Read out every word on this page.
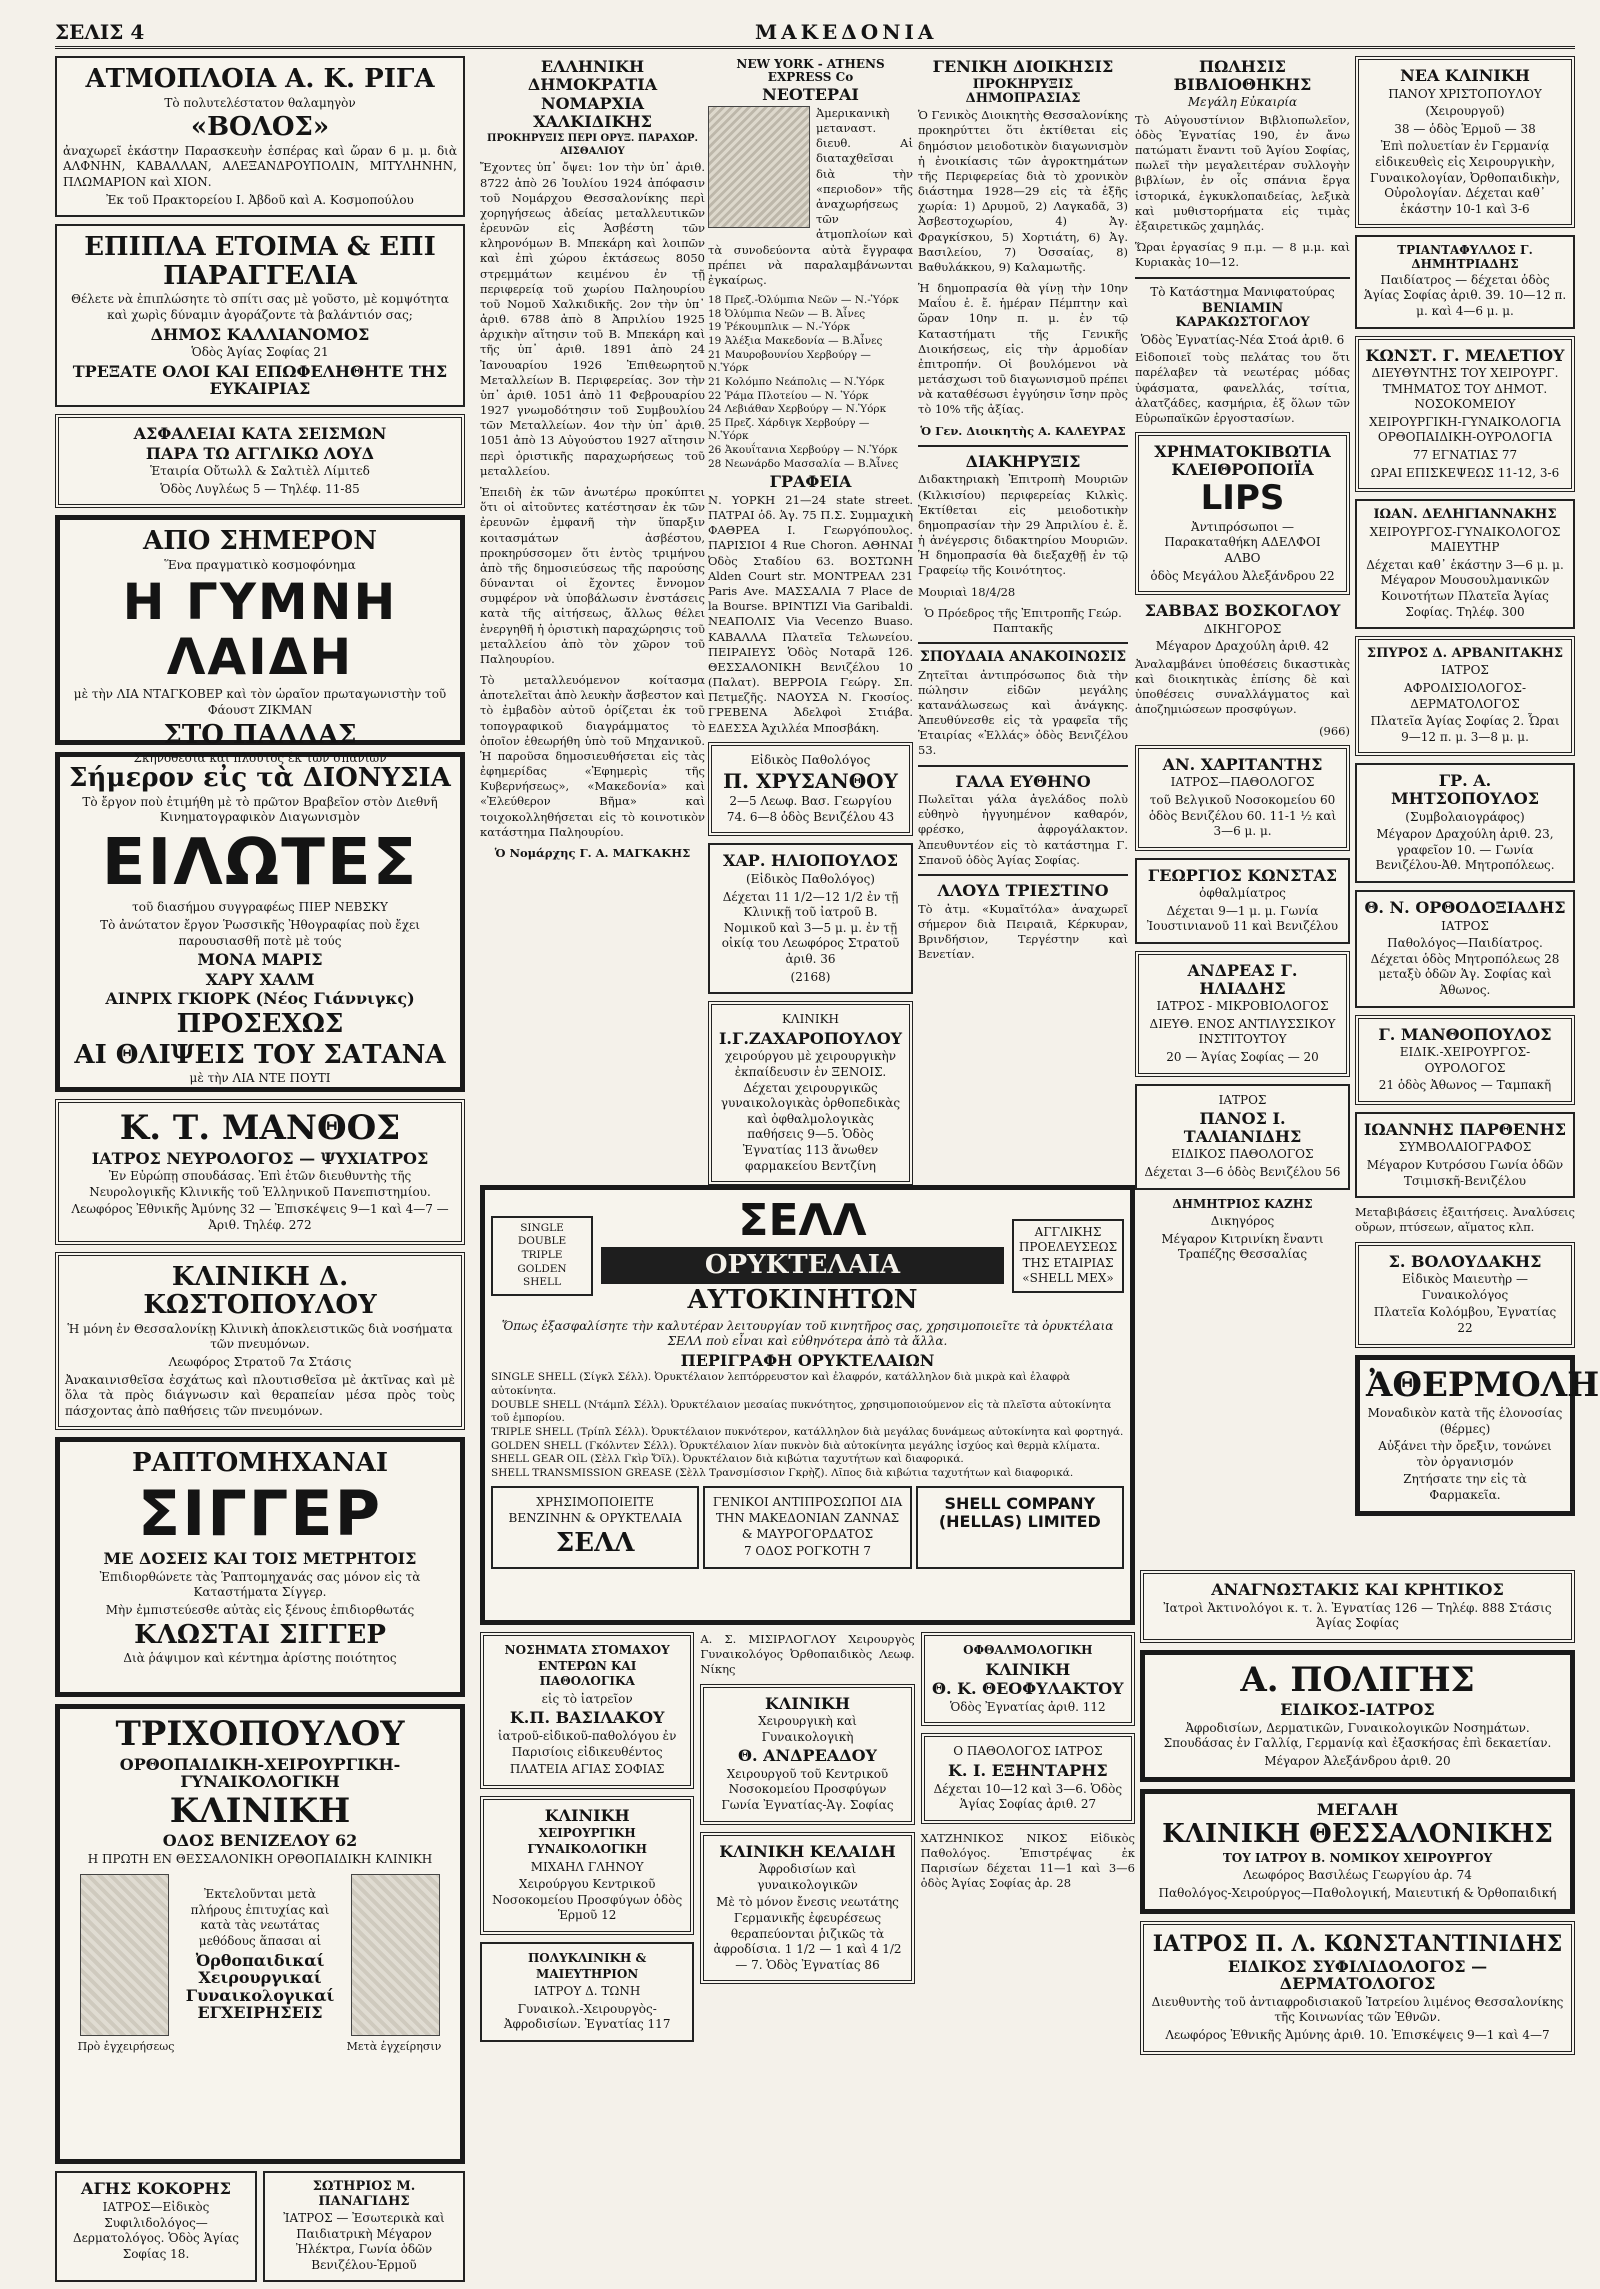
ΣΕΛΙΣ 4	ΜΑΚΕΔΟΝΙΑ
ΑΤΜΟΠΛΟΙΑ Α. Κ. ΡΙΓΑ
Τὸ πολυτελέστατον θαλαμηγὸν
«ΒΟΛΟΣ»
ἀναχωρεῖ ἑκάστην Παρασκευὴν ἑσπέρας καὶ ὥραν 6 μ. μ. διὰ ΑΛΦΝΗΝ, ΚΑΒΑΛΛΑΝ, ΑΛΕΞΑΝΔΡΟΥΠΟΛΙΝ, ΜΙΤΥΛΗΝΗΝ, ΠΛΩΜΑΡΙΟΝ καὶ ΧΙΟΝ.
Ἐκ τοῦ Πρακτορείου Ι. Ἀβδοῦ καὶ Α. Κοσμοπούλου
ΕΠΙΠΛΑ ΕΤΟΙΜΑ & ΕΠΙ ΠΑΡΑΓΓΕΛΙΑ
Θέλετε νὰ ἐπιπλώσητε τὸ σπίτι σας μὲ γοῦστο, μὲ κομψότητα καὶ χωρὶς δύναμιν ἀγοράζοντε τὰ βαλάντιόν σας;
ΔΗΜΟΣ ΚΑΛΛΙΑΝΟΜΟΣ
Ὁδὸς Ἁγίας Σοφίας 21
ΤΡΕΞΑΤΕ ΟΛΟΙ ΚΑΙ ΕΠΩΦΕΛΗΘΗΤΕ ΤΗΣ ΕΥΚΑΙΡΙΑΣ
ΑΣΦΑΛΕΙΑΙ ΚΑΤΑ ΣΕΙΣΜΩΝ
ΠΑΡΑ ΤΩ ΑΓΓΛΙΚΩ ΛΟΥΔ
Ἑταιρία Οὔτωλλ & Σαλτιὲλ Λίμιτεδ
Ὁδὸς Λυγλέως 5 — Τηλέφ. 11-85
ΑΠΟ ΣΗΜΕΡΟΝ
Ἕνα πραγματικὸ κοσμοφόνημα
Η ΓΥΜΝΗ ΛΑΙΔΗ
μὲ τὴν ΛΙΑ ΝΤΑΓΚΟΒΕΡ καὶ τὸν ὡραῖον πρωταγωνιστὴν τοῦ Φάουστ ΖΙΚΜΑΝ
ΣΤΟ ΠΑΛΛΑΣ
Σκηνοθεσία καὶ πλοῦτος ἐκ τῶν σπανίων
Σήμερον εἰς τὰ ΔΙΟΝΥΣΙΑ
Τὸ ἔργον ποὺ ἐτιμήθη μὲ τὸ πρῶτον Βραβεῖον στὸν Διεθνῆ Κινηματογραφικὸν Διαγωνισμὸν
ΕΙΛΩΤΕΣ
τοῦ διασήμου συγγραφέως ΠΙΕΡ ΝΕΒΣΚΥ
Τὸ ἀνώτατον ἔργον Ῥωσσικῆς Ἠθογραφίας ποὺ ἔχει παρουσιασθῆ ποτὲ μὲ τούς
ΜΟΝΑ ΜΑΡΙΣ
ΧΑΡΥ ΧΑΛΜ
ΑΙΝΡΙΧ ΓΚΙΟΡΚ (Νέος Γιάννιγκς)
ΠΡΟΣΕΧΩΣ
ΑΙ ΘΛΙΨΕΙΣ ΤΟΥ ΣΑΤΑΝΑ
μὲ τὴν ΛΙΑ ΝΤΕ ΠΟΥΤΙ
Κ. Τ. ΜΑΝΘΟΣ
ΙΑΤΡΟΣ ΝΕΥΡΟΛΟΓΟΣ — ΨΥΧΙΑΤΡΟΣ
Ἐν Εὐρώπῃ σπουδάσας. Ἐπὶ ἑτῶν διευθυντὴς τῆς Νευρολογικῆς Κλινικῆς τοῦ Ἑλληνικοῦ Πανεπιστημίου.
Λεωφόρος Ἐθνικῆς Ἀμύνης 32 — Ἐπισκέψεις 9—1 καὶ 4—7 — Ἀριθ. Τηλέφ. 272
ΚΛΙΝΙΚΗ Δ. ΚΩΣΤΟΠΟΥΛΟΥ
Ἡ μόνη ἐν Θεσσαλονίκῃ Κλινικὴ ἀποκλειστικῶς διὰ νοσήματα τῶν πνευμόνων.
Λεωφόρος Στρατοῦ 7α Στάσις
Ἀνακαινισθεῖσα ἐσχάτως καὶ πλουτισθεῖσα μὲ ἀκτῖνας καὶ μὲ ὅλα τὰ πρὸς διάγνωσιν καὶ θεραπείαν μέσα πρὸς τοὺς πάσχοντας ἀπὸ παθήσεις τῶν πνευμόνων.
ΡΑΠΤΟΜΗΧΑΝΑΙ
ΣΙΓΓΕΡ
ΜΕ ΔΟΣΕΙΣ ΚΑΙ ΤΟΙΣ ΜΕΤΡΗΤΟΙΣ
Ἐπιδιορθώνετε τὰς Ῥαπτομηχανάς σας μόνον εἰς τὰ Καταστήματα Σίγγερ.
Μὴν ἐμπιστεύεσθε αὐτὰς εἰς ξένους ἐπιδιορθωτάς
ΚΛΩΣΤΑΙ ΣΙΓΓΕΡ
Διὰ ῥάψιμον καὶ κέντημα ἀρίστης ποιότητος
ΤΡΙΧΟΠΟΥΛΟΥ
ΟΡΘΟΠΑΙΔΙΚΗ-ΧΕΙΡΟΥΡΓΙΚΗ-ΓΥΝΑΙΚΟΛΟΓΙΚΗ
ΚΛΙΝΙΚΗ
ΟΔΟΣ ΒΕΝΙΖΕΛΟΥ 62
Η ΠΡΩΤΗ ΕΝ ΘΕΣΣΑΛΟΝΙΚΗ ΟΡΘΟΠΑΙΔΙΚΗ ΚΛΙΝΙΚΗ
Ἐκτελοῦνται μετὰ πλήρους ἐπιτυχίας καὶ κατὰ τὰς νεωτάτας μεθόδους ἅπασαι αἱ
Ὀρθοπαιδικαί Χειρουργικαί Γυναικολογικαί ΕΓΧΕΙΡΗΣΕΙΣ
Πρὸ ἐγχειρήσεως	Μετὰ ἐγχείρησιν
ΑΓΗΣ ΚΟΚΟΡΗΣ
ΙΑΤΡΟΣ—Εἰδικὸς Συφιλιδολόγος—Δερματολόγος. Ὁδὸς Ἁγίας Σοφίας 18.
ΣΩΤΗΡΙΟΣ Μ. ΠΑΝΑΓΙΔΗΣ
ἸΑΤΡΟΣ — Ἐσωτερικὰ καὶ Παιδιατρικὴ Μέγαρον Ἠλέκτρα, Γωνία ὁδῶν Βενιζέλου-Ἑρμοῦ
ΕΛΛΗΝΙΚΗ ΔΗΜΟΚΡΑΤΙΑ
ΝΟΜΑΡΧΙΑ ΧΑΛΚΙΔΙΚΗΣ
ΠΡΟΚΗΡΥΞΙΣ ΠΕΡΙ ΟΡΥΞ. ΠΑΡΑΧΩΡ. ΑΙΣΘΑΛΙΟΥ

Ἔχοντες ὑπ᾽ ὄψει: 1ον τὴν ὑπ᾽ ἀριθ. 8722 ἀπὸ 26 Ἰουλίου 1924 ἀπόφασιν τοῦ Νομάρχου Θεσσαλονίκης περὶ χορηγήσεως ἀδείας μεταλλευτικῶν ἐρευνῶν εἰς Ἀσβέστη τῶν κληρονόμων Β. Μπεκάρη καὶ λοιπῶν καὶ ἐπὶ χώρου ἐκτάσεως 8050 στρεμμάτων κειμένου ἐν τῇ περιφερείᾳ τοῦ χωρίου Παληουρίου τοῦ Νομοῦ Χαλκιδικῆς. 2ον τὴν ὑπ᾽ ἀριθ. 6788 ἀπὸ 8 Ἀπριλίου 1925 ἀρχικὴν αἴτησιν τοῦ Β. Μπεκάρη καὶ τῆς ὑπ᾽ ἀριθ. 1891 ἀπὸ 24 Ἰανουαρίου 1926 Ἐπιθεωρητοῦ Μεταλλείων Β. Περιφερείας. 3ον τὴν ὑπ᾽ ἀριθ. 1051 ἀπὸ 11 Φεβρουαρίου 1927 γνωμοδότησιν τοῦ Συμβουλίου τῶν Μεταλλείων. 4ον τὴν ὑπ᾽ ἀριθ. 1051 ἀπὸ 13 Αὐγούστου 1927 αἴτησιν περὶ ὁριστικῆς παραχωρήσεως τοῦ μεταλλείου.

Ἐπειδὴ ἐκ τῶν ἀνωτέρω προκύπτει ὅτι οἱ αἰτοῦντες κατέστησαν ἐκ τῶν ἐρευνῶν ἐμφανῆ τὴν ὕπαρξιν κοιτασμάτων ἀσβέστου, προκηρύσσομεν ὅτι ἐντὸς τριμήνου ἀπὸ τῆς δημοσιεύσεως τῆς παρούσης δύνανται οἱ ἔχοντες ἔννομον συμφέρον νὰ ὑποβάλωσιν ἐνστάσεις κατὰ τῆς αἰτήσεως, ἄλλως θέλει ἐνεργηθῆ ἡ ὁριστικὴ παραχώρησις τοῦ μεταλλείου ἀπὸ τὸν χῶρον τοῦ Παληουρίου.

Τὸ μεταλλευόμενον κοίτασμα ἀποτελεῖται ἀπὸ λευκὴν ἄσβεστον καὶ τὸ ἐμβαδὸν αὐτοῦ ὁρίζεται ἐκ τοῦ τοπογραφικοῦ διαγράμματος τὸ ὁποῖον ἐθεωρήθη ὑπὸ τοῦ Μηχανικοῦ. Ἡ παροῦσα δημοσιευθήσεται εἰς τὰς ἐφημερίδας «Ἐφημερὶς τῆς Κυβερνήσεως», «Μακεδονία» καὶ «Ἐλεύθερον Βῆμα» καὶ τοιχοκολληθήσεται εἰς τὸ κοινοτικὸν κατάστημα Παληουρίου.

Ὁ Νομάρχης Γ. Α. ΜΑΓΚΑΚΗΣ

NEW YORK - ATHENS EXPRESS Co
ΝΕΟΤΕΡΑΙ

Ἀμερικανικὴ μεταναστ. διευθ. Αἱ διαταχθεῖσαι διὰ τὴν «περιοδον» τῆς ἀναχωρήσεως τῶν ἀτμοπλοίων καὶ τὰ συνοδεύοντα αὐτὰ ἔγγραφα πρέπει νὰ παραλαμβάνωνται ἐγκαίρως.

18 Πρεζ.-Ὀλύμπια Νεῶν — Ν.-Ὑόρκ
18 Ὀλύμπια Νεῶν — Β. Ἀἶνες
19 Ῥέκουμπλικ — Ν.-Ὑόρκ
19 Ἀλέξια Μακεδονία — Β.Ἀἶνες
21 Μαυροβουνίου Χερβούργ — Ν.Ὑόρκ
21 Κολόμπο Νεάπολις — Ν.Ὑόρκ
22 Ῥάμα Πλοτείου — Ν. Ὑόρκ
24 Λεβιάθαν Χερβούργ — Ν.Ὑόρκ
25 Πρεζ. Χάρδιγκ Χερβούργ — Ν.Ὑόρκ
26 Ἀκουΐτανια Χερβούργ — Ν.Ὑόρκ
28 Νεωνάρδο Μασσαλία — Β.Ἀἶνες
ΓΡΑΦΕΙΑ

Ν. ΥΟΡΚΗ 21—24 state street. ΠΑΤΡΑΙ ὁδ. Ἁγ. 75 Π.Σ. Συμμαχικὴ ΦΑΘΡΕΑ Ι. Γεωργόπουλος. ΠΑΡΙΣΙΟΙ 4 Rue Choron. ΑΘΗΝΑΙ Ὀδὸς Σταδίου 63. ΒΟΣΤΩΝΗ Alden Court str. ΜΟΝΤΡΕΑΛ 231 Paris Ave. ΜΑΣΣΑΛΙΑ 7 Place de la Bourse. ΒΡΙΝΤΙΖΙ Via Garibaldi. ΝΕΑΠΟΛΙΣ Via Vecenzo Buaso. ΚΑΒΑΛΛΑ Πλατεῖα Τελωνείου. ΠΕΙΡΑΙΕΥΣ Ὁδὸς Νοταρᾶ 126. ΘΕΣΣΑΛΟΝΙΚΗ Βενιζέλου 10 (Παλατ). ΒΕΡΡΟΙΑ Γεώργ. Σπ. Πετμεζῆς. ΝΑΟΥΣΑ Ν. Γκοσίος. ΓΡΕΒΕΝΑ Ἀδελφοὶ Στιάβα. ΕΔΕΣΣΑ Ἀχιλλέα Μποσβάκη.

Εἰδικὸς Παθολόγος
Π. ΧΡΥΣΑΝΘΟΥ
2—5 Λεωφ. Βασ. Γεωργίου 74. 6—8 ὁδὸς Βενιζέλου 43
ΧΑΡ. ΗΛΙΟΠΟΥΛΟΣ
(Εἰδικὸς Παθολόγος)
Δέχεται 11 1/2—12 1/2 ἐν τῇ Κλινικῇ τοῦ ἰατροῦ Β. Νομικοῦ καὶ 3—5 μ. μ. ἐν τῇ οἰκίᾳ του Λεωφόρος Στρατοῦ ἀριθ. 36
(2168)
ΚΛΙΝΙΚΗ
Ι.Γ.ΖΑΧΑΡΟΠΟΥΛΟΥ
χειρούργου μὲ χειρουργικὴν ἐκπαίδευσιν ἐν ΞΕΝΟΙΣ. Δέχεται χειρουργικῶς γυναικολογικὰς ὀρθοπεδικὰς καὶ ὀφθαλμολογικὰς παθήσεις 9—5. Ὁδὸς Ἐγνατίας 113 ἄνωθεν φαρμακείου Βεντζίνη
ΓΕΝΙΚΗ ΔΙΟΙΚΗΣΙΣ
ΠΡΟΚΗΡΥΞΙΣ ΔΗΜΟΠΡΑΣΙΑΣ

Ὁ Γενικὸς Διοικητὴς Θεσσαλονίκης προκηρύττει ὅτι ἐκτίθεται εἰς δημόσιον μειοδοτικὸν διαγωνισμὸν ἡ ἐνοικίασις τῶν ἀγροκτημάτων τῆς Περιφερείας διὰ τὸ χρονικὸν διάστημα 1928—29 εἰς τὰ ἑξῆς χωρία: 1) Δρυμοῦ, 2) Λαγκαδᾶ, 3) Ἀσβεστοχωρίου, 4) Ἀγ. Φραγκίσκου, 5) Χορτιάτη, 6) Ἀγ. Βασιλείου, 7) Ὀσσαίας, 8) Βαθυλάκκου, 9) Καλαμωτῆς.

Ἡ δημοπρασία θὰ γίνῃ τὴν 10ην Μαΐου ἐ. ἔ. ἡμέραν Πέμπτην καὶ ὥραν 10ην π. μ. ἐν τῷ Καταστήματι τῆς Γενικῆς Διοικήσεως, εἰς τὴν ἁρμοδίαν ἐπιτροπήν. Οἱ βουλόμενοι νὰ μετάσχωσι τοῦ διαγωνισμοῦ πρέπει νὰ καταθέσωσι ἐγγύησιν ἴσην πρὸς τὸ 10% τῆς ἀξίας.

Ὁ Γεν. Διοικητὴς Α. ΚΑΛΕΥΡΑΣ

ΔΙΑΚΗΡΥΞΙΣ

Διδακτηριακὴ Ἐπιτροπὴ Μουριῶν (Κιλκισίου) περιφερείας Κιλκὶς. Ἐκτίθεται εἰς μειοδοτικὴν δημοπρασίαν τὴν 29 Ἀπριλίου ἐ. ἔ. ἡ ἀνέγερσις διδακτηρίου Μουριῶν. Ἡ δημοπρασία θὰ διεξαχθῇ ἐν τῷ Γραφείῳ τῆς Κοινότητος.

Μουριαὶ 18/4/28

Ὁ Πρόεδρος τῆς Ἐπιτροπῆς Γεώρ. Παπτακῆς

ΣΠΟΥΔΑΙΑ ΑΝΑΚΟΙΝΩΣΙΣ

Ζητεῖται ἀντιπρόσωπος διὰ τὴν πώλησιν εἰδῶν μεγάλης κατανάλωσεως καὶ ἀνάγκης. Ἀπευθύνεσθε εἰς τὰ γραφεῖα τῆς Ἑταιρίας «Ἑλλάς» ὁδὸς Βενιζέλου 53.

ΓΑΛΑ ΕΥΘΗΝΟ

Πωλεῖται γάλα ἀγελάδος πολὺ εὐθηνὸ ἠγγυημένον καθαρόν, φρέσκο, ἀφρογάλακτον. Ἀπευθυντέον εἰς τὸ κατάστημα Γ. Σπανοῦ ὁδὸς Ἁγίας Σοφίας.

ΛΛΟΥΔ ΤΡΙΕΣΤΙΝΟ

Τὸ ἀτμ. «Κυμαῖτόλα» ἀναχωρεῖ σήμερον διὰ Πειραιᾶ, Κέρκυραν, Βρινδήσιον, Τεργέστην καὶ Βενετίαν.

ΠΩΛΗΣΙΣ ΒΙΒΛΙΟΘΗΚΗΣ
Μεγάλη Εὐκαιρία

Τὸ Αὐγουστίνιον Βιβλιοπωλεῖον, ὁδὸς Ἐγνατίας 190, ἐν ἄνω πατώματι ἔναντι τοῦ Ἁγίου Σοφίας, πωλεῖ τὴν μεγαλειτέραν συλλογὴν βιβλίων, ἐν οἷς σπάνια ἔργα ἱστορικά, ἐγκυκλοπαιδείας, λεξικὰ καὶ μυθιστορήματα εἰς τιμὰς ἐξαιρετικῶς χαμηλάς.

Ὥραι ἐργασίας 9 π.μ. — 8 μ.μ. καὶ Κυριακὰς 10—12.

Τὸ Κατάστημα Μανιφατούρας
ΒΕΝΙΑΜΙΝ ΚΑΡΑΚΩΣΤΟΓΛΟΥ
Ὁδὸς Ἐγνατίας-Νέα Στοά ἀριθ. 6

Εἰδοποιεῖ τοὺς πελάτας του ὅτι παρέλαβεν τὰ νεωτέρας μόδας ὑφάσματα, φανελλάς, τσίτια, ἀλατζάδες, κασμήρια, ἐξ ὅλων τῶν Εὐρωπαϊκῶν ἐργοστασίων.

ΧΡΗΜΑΤΟΚΙΒΩΤΙΑ ΚΛΕΙΘΡΟΠΟΙΪΑ
LIPS
Ἀντιπρόσωποι — Παρακαταθήκη ΑΔΕΛΦΟΙ ΑΛΒΟ
ὁδὸς Μεγάλου Ἀλεξάνδρου 22
ΣΑΒΒΑΣ ΒΟΣΚΟΓΛΟΥ
ΔΙΚΗΓΟΡΟΣ
Μέγαρον Δραχούλη ἀριθ. 42

Ἀναλαμβάνει ὑποθέσεις δικαστικὰς καὶ διοικητικὰς ἐπίσης δὲ καὶ ὑποθέσεις συναλλάγματος καὶ ἀποζημιώσεων προσφύγων.

(966)

ΑΝ. ΧΑΡΙΤΑΝΤΗΣ
ΙΑΤΡΟΣ—ΠΑΘΟΛΟΓΟΣ
τοῦ Βελγικοῦ Νοσοκομείου 60 ὁδὸς Βενιζέλου 60. 11-1 ½ καὶ 3—6 μ. μ.
ΓΕΩΡΓΙΟΣ ΚΩΝΣΤΑΣ
ὀφθαλμίατρος
Δέχεται 9—1 μ. μ. Γωνία Ἰουστινιανοῦ 11 καὶ Βενιζέλου
ΑΝΔΡΕΑΣ Γ. ΗΛΙΑΔΗΣ
ΙΑΤΡΟΣ - ΜΙΚΡΟΒΙΟΛΟΓΟΣ
ΔΙΕΥΘ. ΕΝΟΣ ΑΝΤΙΛΥΣΣΙΚΟΥ ΙΝΣΤΙΤΟΥΤΟΥ
20 — Ἁγίας Σοφίας — 20
ΙΑΤΡΟΣ
ΠΑΝΟΣ Ι. ΤΑΛΙΑΝΙΔΗΣ
ΕΙΔΙΚΟΣ ΠΑΘΟΛΟΓΟΣ
Δέχεται 3—6 ὁδὸς Βενιζέλου 56
ΔΗΜΗΤΡΙΟΣ ΚΑΖΗΣ
Δικηγόρος
Μέγαρον Κιτρινίκη ἔναντι Τραπέζης Θεσσαλίας
ΝΕΑ ΚΛΙΝΙΚΗ
ΠΑΝΟΥ ΧΡΙΣΤΟΠΟΥΛΟΥ
(Χειρουργοῦ)
38 — ὁδὸς Ἑρμοῦ — 38
Ἐπὶ πολυετίαν ἐν Γερμανίᾳ εἰδικευθεὶς εἰς Χειρουργικὴν, Γυναικολογίαν, Ὀρθοπαιδικὴν, Οὐρολογίαν. Δέχεται καθ᾽ ἑκάστην 10-1 καὶ 3-6
ΤΡΙΑΝΤΑΦΥΛΛΟΣ Γ. ΔΗΜΗΤΡΙΑΔΗΣ
Παιδίατρος — δέχεται ὁδὸς Ἁγίας Σοφίας ἀριθ. 39. 10—12 π. μ. καὶ 4—6 μ. μ.
ΚΩΝΣΤ. Γ. ΜΕΛΕΤΙΟΥ
ΔΙΕΥΘΥΝΤΗΣ ΤΟΥ ΧΕΙΡΟΥΡΓ. ΤΜΗΜΑΤΟΣ ΤΟΥ ΔΗΜΟΤ. ΝΟΣΟΚΟΜΕΙΟΥ
ΧΕΙΡΟΥΡΓΙΚΗ-ΓΥΝΑΙΚΟΛΟΓΙΑ ΟΡΘΟΠΑΙΔΙΚΗ-ΟΥΡΟΛΟΓΙΑ
77 ΕΓΝΑΤΙΑΣ 77
ΩΡΑΙ ΕΠΙΣΚΕΨΕΩΣ 11-12, 3-6
ΙΩΑΝ. ΔΕΛΗΓΙΑΝΝΑΚΗΣ
ΧΕΙΡΟΥΡΓΟΣ-ΓΥΝΑΙΚΟΛΟΓΟΣ ΜΑΙΕΥΤΗΡ
Δέχεται καθ᾽ ἑκάστην 3—6 μ. μ. Μέγαρον Μουσουλμανικῶν Κοινοτήτων Πλατεῖα Ἁγίας Σοφίας. Τηλέφ. 300
ΣΠΥΡΟΣ Δ. ΑΡΒΑΝΙΤΑΚΗΣ
ΙΑΤΡΟΣ
ΑΦΡΟΔΙΣΙΟΛΟΓΟΣ-ΔΕΡΜΑΤΟΛΟΓΟΣ
Πλατεῖα Ἁγίας Σοφίας 2. Ὧραι 9—12 π. μ. 3—8 μ. μ.
ΓΡ. Α. ΜΗΤΣΟΠΟΥΛΟΣ
(Συμβολαιογράφος)
Μέγαρον Δραχούλη ἀριθ. 23, γραφεῖον 10. — Γωνία Βενιζέλου-Ἀθ. Μητροπόλεως.
Θ. Ν. ΟΡΘΟΔΟΞΙΑΔΗΣ
ΙΑΤΡΟΣ
Παθολόγος—Παιδίατρος. Δέχεται ὁδὸς Μητροπόλεως 28 μεταξὺ ὁδῶν Ἁγ. Σοφίας καὶ Ἀθωνος.
Γ. ΜΑΝΘΟΠΟΥΛΟΣ
ΕΙΔΙΚ.-ΧΕΙΡΟΥΡΓΟΣ-ΟΥΡΟΛΟΓΟΣ
21 ὁδὸς Ἀθωνος — Ταμπακῆ
ΙΩΑΝΝΗΣ ΠΑΡΘΕΝΗΣ
ΣΥΜΒΟΛΑΙΟΓΡΑΦΟΣ
Μέγαρον Κυτρόσου Γωνία ὁδῶν Τσιμισκῆ-Βενιζέλου

Μεταβιβάσεις ἐξαιτήσεις. Ἀναλύσεις οὔρων, πτύσεων, αἵματος κλπ.

Σ. ΒΟΛΟΥΔΑΚΗΣ
Εἰδικὸς Μαιευτὴρ — Γυναικολόγος
Πλατεῖα Κολόμβου, Ἐγνατίας 22
ἈΘΕΡΜΟΛΗ
Μοναδικὸν κατὰ τῆς ἑλονοσίας (θέρμες)
Αὐξάνει τὴν ὄρεξιν, τονώνει τὸν ὀργανισμόν
Ζητήσατε την εἰς τὰ Φαρμακεῖα.
SINGLE
DOUBLE
TRIPLE
GOLDEN
SHELL
ΣΕΛΛ
ΟΡΥΚΤΕΛΑΙΑ
ΑΥΤΟΚΙΝΗΤΩΝ
ΑΓΓΛΙΚΗΣ ΠΡΟΕΛΕΥΣΕΩΣ ΤΗΣ ΕΤΑΙΡΙΑΣ «SHELL MEX»
Ὅπως ἐξασφαλίσητε τὴν καλυτέραν λειτουργίαν τοῦ κινητῆρος σας, χρησιμοποιεῖτε τὰ ὀρυκτέλαια ΣΕΛΛ ποὺ εἶναι καὶ εὐθηνότερα ἀπὸ τὰ ἄλλα.
ΠΕΡΙΓΡΑΦΗ ΟΡΥΚΤΕΛΑΙΩΝ
SINGLE SHELL (Σίγκλ Σέλλ). Ὀρυκτέλαιον λεπτόρρευστον καὶ ἐλαφρόν, κατάλληλον διὰ μικρὰ καὶ ἐλαφρὰ αὐτοκίνητα.
DOUBLE SHELL (Ντάμπλ Σέλλ). Ὀρυκτέλαιον μεσαίας πυκνότητος, χρησιμοποιούμενον εἰς τὰ πλεῖστα αὐτοκίνητα τοῦ ἐμπορίου.
TRIPLE SHELL (Τρίπλ Σέλλ). Ὀρυκτέλαιον πυκνότερον, κατάλληλον διὰ μεγάλας δυνάμεως αὐτοκίνητα καὶ φορτηγά.
GOLDEN SHELL (Γκόλντεν Σέλλ). Ὀρυκτέλαιον λίαν πυκνὸν διὰ αὐτοκίνητα μεγάλης ἰσχύος καὶ θερμὰ κλίματα.
SHELL GEAR OIL (Σὲλλ Γκὶρ Ὄϊλ). Ὀρυκτέλαιον διὰ κιβώτια ταχυτήτων καὶ διαφορικά.
SHELL TRANSMISSION GREASE (Σὲλλ Τρανσμίσσιον Γκρὴζ). Λῖπος διὰ κιβώτια ταχυτήτων καὶ διαφορικά.
ΧΡΗΣΙΜΟΠΟΙΕΙΤΕ ΒΕΝΖΙΝΗΝ & ΟΡΥΚΤΕΛΑΙΑ
ΣΕΛΛ
ΓΕΝΙΚΟΙ ΑΝΤΙΠΡΟΣΩΠΟΙ ΔΙΑ ΤΗΝ ΜΑΚΕΔΟΝΙΑΝ ΖΑΝΝΑΣ & ΜΑΥΡΟΓΟΡΔΑΤΟΣ
7 ΟΔΟΣ ΡΟΓΚΟΤΗ 7
SHELL COMPANY (HELLAS) LIMITED
ΝΟΣΗΜΑΤΑ ΣΤΟΜΑΧΟΥ ΕΝΤΕΡΩΝ ΚΑΙ ΠΑΘΟΛΟΓΙΚΑ
εἰς τὸ ἰατρεῖον
Κ.Π. ΒΑΣΙΛΑΚΟΥ
ἰατροῦ-εἰδικοῦ-παθολόγου ἐν Παρισίοις εἰδικευθέντος
ΠΛΑΤΕΙΑ ΑΓΙΑΣ ΣΟΦΙΑΣ
ΚΛΙΝΙΚΗ
ΧΕΙΡΟΥΡΓΙΚΗ ΓΥΝΑΙΚΟΛΟΓΙΚΗ
ΜΙΧΑΗΛ ΓΛΗΝΟΥ
Χειρούργου Κεντρικοῦ Νοσοκομείου Προσφύγων ὁδὸς Ἑρμοῦ 12
ΠΟΛΥΚΛΙΝΙΚΗ & ΜΑΙΕΥΤΗΡΙΟΝ
ΙΑΤΡΟΥ Δ. ΤΩΝΗ
Γυναικολ.-Χειρουργὸς-Ἀφροδισίων. Ἐγνατίας 117

Α. Σ. ΜΙΣΙΡΛΟΓΛΟΥ Χειρουργὸς Γυναικολόγος Ὀρθοπαιδικὸς Λεωφ. Νίκης

ΚΛΙΝΙΚΗ
Χειρουργικὴ καὶ Γυναικολογικὴ
Θ. ΑΝΔΡΕΑΔΟΥ
Χειρουργοῦ τοῦ Κεντρικοῦ Νοσοκομείου Προσφύγων Γωνία Ἐγνατίας-Ἁγ. Σοφίας
ΚΛΙΝΙΚΗ ΚΕΛΑΙΔΗ
Ἀφροδισίων καὶ γυναικολογικῶν
Μὲ τὸ μόνον ἔνεσις νεωτάτης Γερμανικῆς ἐφευρέσεως θεραπεύονται ῥιζικῶς τὰ ἀφροδίσια. 1 1/2 — 1 καὶ 4 1/2 — 7. Ὁδὸς Ἐγνατίας 86
ΟΦΘΑΛΜΟΛΟΓΙΚΗ
ΚΛΙΝΙΚΗ
Θ. Κ. ΘΕΟΦΥΛΑΚΤΟΥ
Ὁδὸς Ἐγνατίας ἀριθ. 112
Ο ΠΑΘΟΛΟΓΟΣ ΙΑΤΡΟΣ
Κ. Ι. ΕΞΗΝΤΑΡΗΣ
Δέχεται 10—12 καὶ 3—6. Ὁδὸς Ἁγίας Σοφίας ἀριθ. 27

ΧΑΤΖΗΝΙΚΟΣ ΝΙΚΟΣ Εἰδικὸς Παθολόγος. Ἐπιστρέψας ἐκ Παρισίων δέχεται 11—1 καὶ 3—6 ὁδὸς Ἁγίας Σοφίας ἀρ. 28

ΑΝΑΓΝΩΣΤΑΚΙΣ ΚΑΙ ΚΡΗΤΙΚΟΣ
Ἰατροὶ Ἀκτινολόγοι κ. τ. λ. Ἐγνατίας 126 — Τηλέφ. 888 Στάσις Ἁγίας Σοφίας
Α. ΠΟΛΙΓΗΣ
ΕΙΔΙΚΟΣ-ΙΑΤΡΟΣ
Ἀφροδισίων, Δερματικῶν, Γυναικολογικῶν Νοσημάτων. Σπουδάσας ἐν Γαλλίᾳ, Γερμανίᾳ καὶ ἐξασκήσας ἐπὶ δεκαετίαν.
Μέγαρον Ἀλεξάνδρου ἀριθ. 20
ΜΕΓΑΛΗ
ΚΛΙΝΙΚΗ ΘΕΣΣΑΛΟΝΙΚΗΣ
ΤΟΥ ΙΑΤΡΟΥ Β. ΝΟΜΙΚΟΥ ΧΕΙΡΟΥΡΓΟΥ
Λεωφόρος Βασιλέως Γεωργίου ἀρ. 74
Παθολόγος-Χειρούργος—Παθολογική, Μαιευτική & Ὀρθοπαιδική
ΙΑΤΡΟΣ Π. Λ. ΚΩΝΣΤΑΝΤΙΝΙΔΗΣ
ΕΙΔΙΚΟΣ ΣΥΦΙΛΙΔΟΛΟΓΟΣ — ΔΕΡΜΑΤΟΛΟΓΟΣ
Διευθυντὴς τοῦ ἀντιαφροδισιακοῦ Ἰατρείου λιμένος Θεσσαλονίκης τῆς Κοινωνίας τῶν Ἐθνῶν.
Λεωφόρος Ἐθνικῆς Ἀμύνης ἀριθ. 10. Ἐπισκέψεις 9—1 καὶ 4—7
